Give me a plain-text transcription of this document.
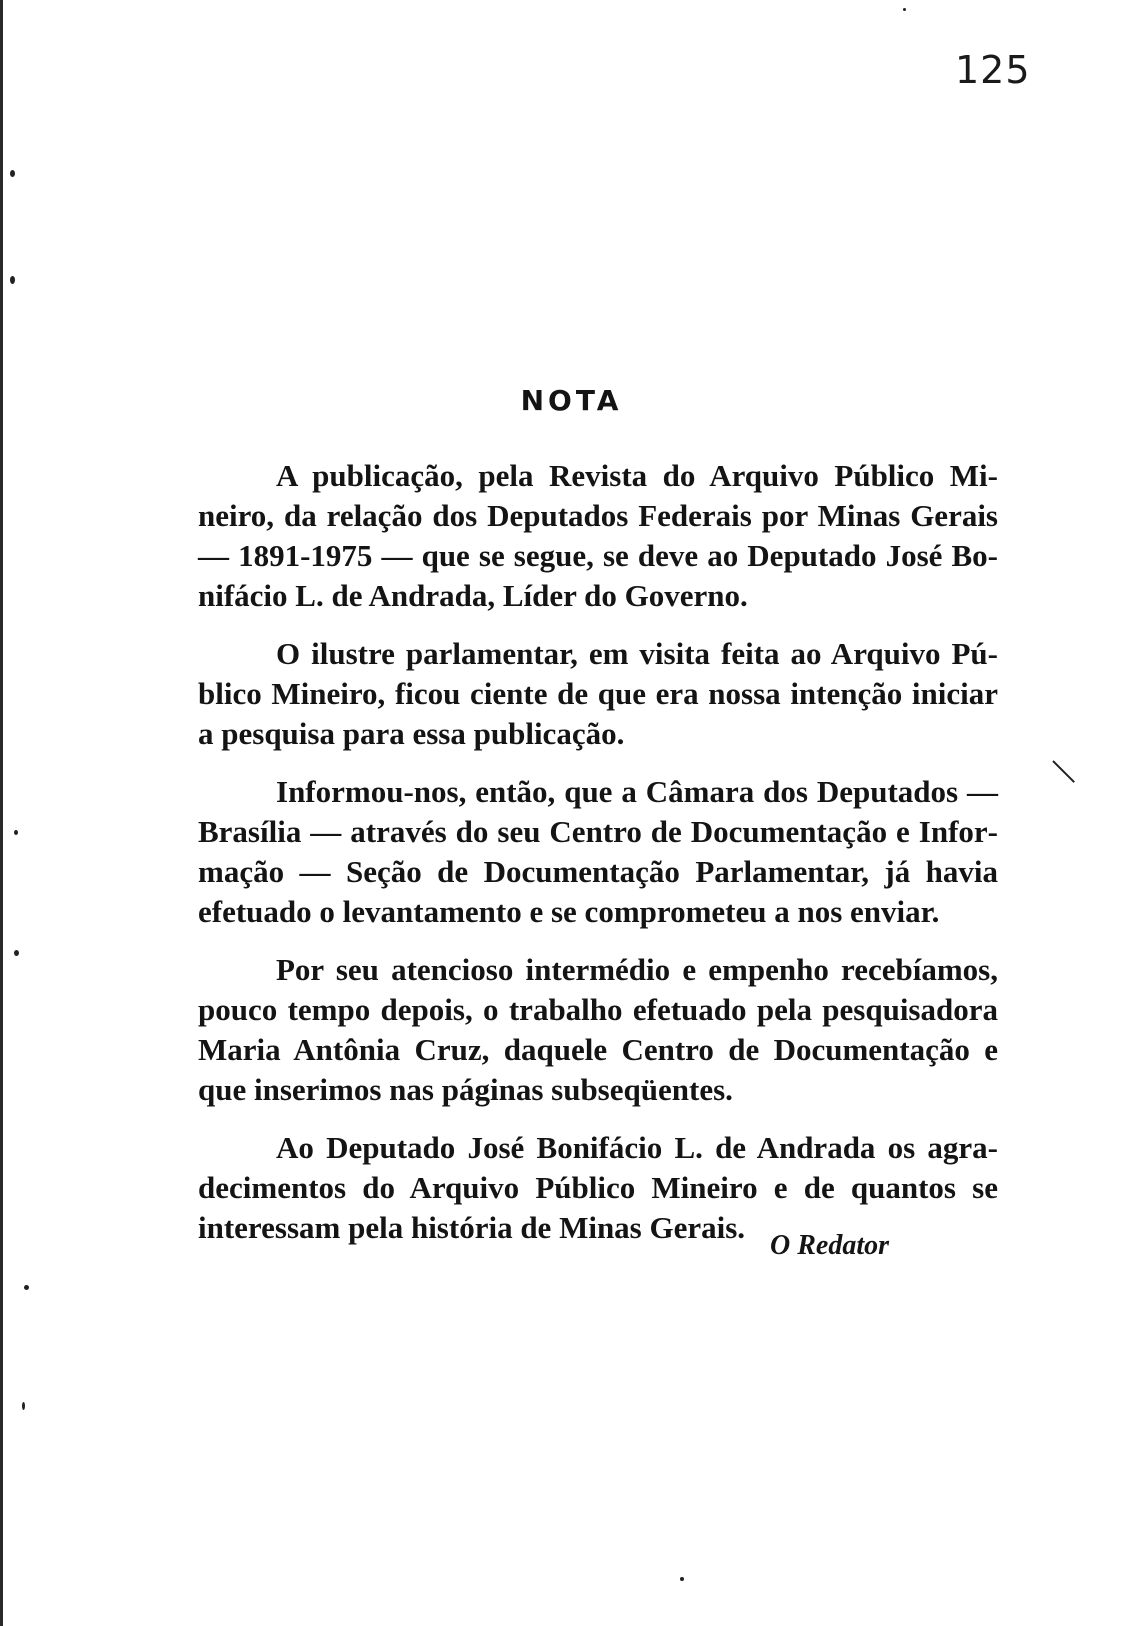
125
NOTA

A publicação, pela Revista do Arquivo Público Mineiro, da relação dos Deputados Federais por Minas Gerais — 1891-1975 — que se segue, se deve ao Deputado José Bonifácio L. de Andrada, Líder do Governo.

O ilustre parlamentar, em visita feita ao Arquivo Público Mineiro, ficou ciente de que era nossa intenção iniciar a pesquisa para essa publicação.

Informou-nos, então, que a Câmara dos Deputados — Brasília — através do seu Centro de Documentação e Informação — Seção de Documentação Parlamentar, já havia efetuado o levantamento e se comprometeu a nos enviar.

Por seu atencioso intermédio e empenho recebíamos, pouco tempo depois, o trabalho efetuado pela pesquisadora Maria Antônia Cruz, daquele Centro de Documentação e que inserimos nas páginas subseqüentes.

Ao Deputado José Bonifácio L. de Andrada os agradecimentos do Arquivo Público Mineiro e de quantos se interessam pela história de Minas Gerais.

O Redator
